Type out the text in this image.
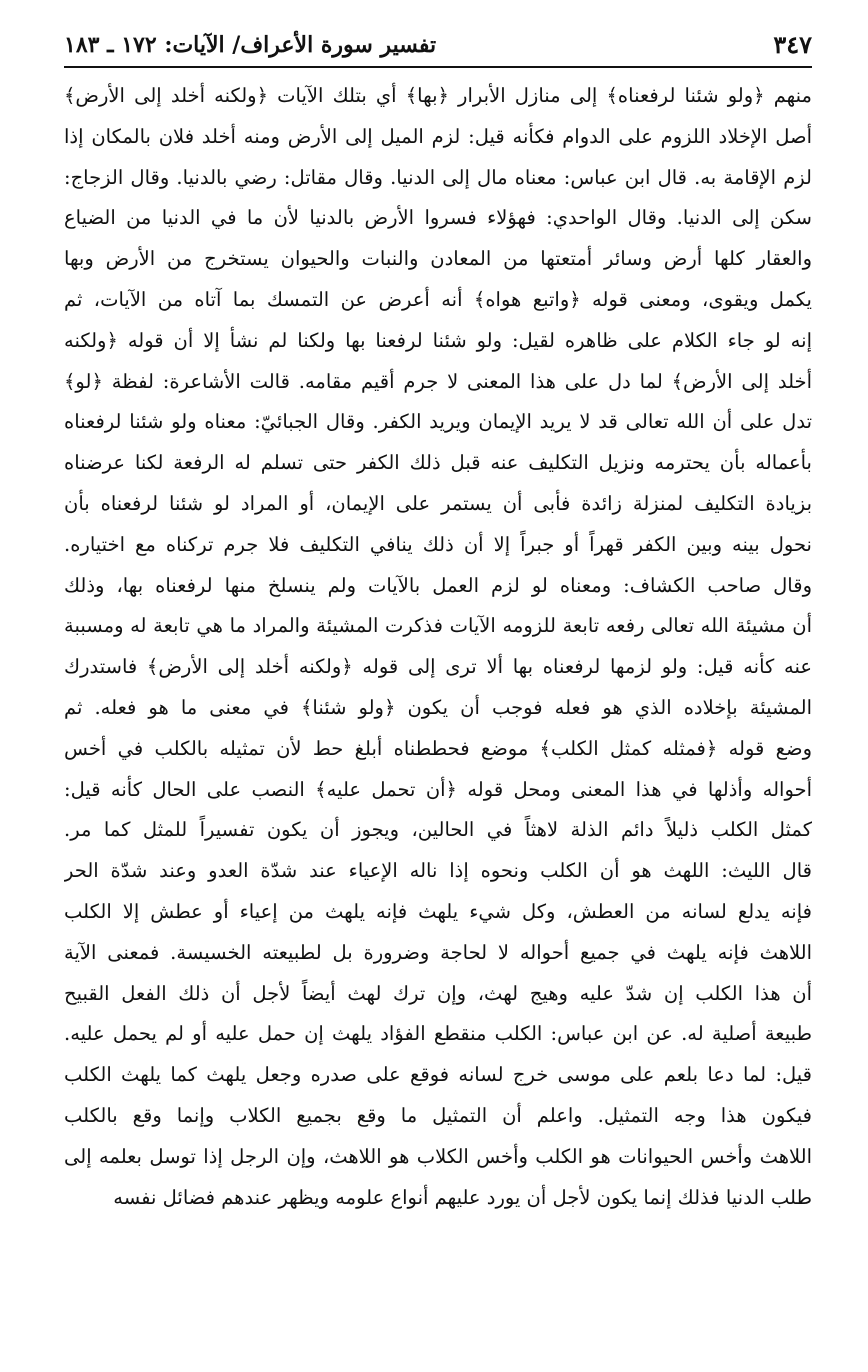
تفسير سورة الأعراف/ الآيات: ١٧٢ ـ ١٨٣	٣٤٧
منهم ﴿ولو شئنا لرفعناه﴾ إلى منازل الأبرار ﴿بها﴾ أي بتلك الآيات ﴿ولكنه أخلد إلى الأرض﴾
أصل الإخلاد اللزوم على الدوام فكأنه قيل: لزم الميل إلى الأرض ومنه أخلد فلان بالمكان إذا
لزم الإقامة به. قال ابن عباس: معناه مال إلى الدنيا. وقال مقاتل: رضي بالدنيا. وقال الزجاج:
سكن إلى الدنيا. وقال الواحدي: فهؤلاء فسروا الأرض بالدنيا لأن ما في الدنيا من الضياع
والعقار كلها أرض وسائر أمتعتها من المعادن والنبات والحيوان يستخرج من الأرض وبها
يكمل ويقوى، ومعنى قوله ﴿واتبع هواه﴾ أنه أعرض عن التمسك بما آتاه من الآيات، ثم
إنه لو جاء الكلام على ظاهره لقيل: ولو شئنا لرفعنا بها ولكنا لم نشأ إلا أن قوله ﴿ولكنه
أخلد إلى الأرض﴾ لما دل على هذا المعنى لا جرم أقيم مقامه. قالت الأشاعرة: لفظة ﴿لو﴾
تدل على أن الله تعالى قد لا يريد الإيمان ويريد الكفر. وقال الجبائيّ: معناه ولو شئنا لرفعناه
بأعماله بأن يحترمه ونزيل التكليف عنه قبل ذلك الكفر حتى تسلم له الرفعة لكنا عرضناه
بزيادة التكليف لمنزلة زائدة فأبى أن يستمر على الإيمان، أو المراد لو شئنا لرفعناه بأن
نحول بينه وبين الكفر قهراً أو جبراً إلا أن ذلك ينافي التكليف فلا جرم تركناه مع اختياره.
وقال صاحب الكشاف: ومعناه لو لزم العمل بالآيات ولم ينسلخ منها لرفعناه بها، وذلك
أن مشيئة الله تعالى رفعه تابعة للزومه الآيات فذكرت المشيئة والمراد ما هي تابعة له ومسببة
عنه كأنه قيل: ولو لزمها لرفعناه بها ألا ترى إلى قوله ﴿ولكنه أخلد إلى الأرض﴾ فاستدرك
المشيئة بإخلاده الذي هو فعله فوجب أن يكون ﴿ولو شئنا﴾ في معنى ما هو فعله. ثم
وضع قوله ﴿فمثله كمثل الكلب﴾ موضع فحططناه أبلغ حط لأن تمثيله بالكلب في أخس
أحواله وأذلها في هذا المعنى ومحل قوله ﴿أن تحمل عليه﴾ النصب على الحال كأنه قيل:
كمثل الكلب ذليلاً دائم الذلة لاهثاً في الحالين، ويجوز أن يكون تفسيراً للمثل كما مر.
قال الليث: اللهث هو أن الكلب ونحوه إذا ناله الإعياء عند شدّة العدو وعند شدّة الحر
فإنه يدلع لسانه من العطش، وكل شيء يلهث فإنه يلهث من إعياء أو عطش إلا الكلب
اللاهث فإنه يلهث في جميع أحواله لا لحاجة وضرورة بل لطبيعته الخسيسة. فمعنى الآية
أن هذا الكلب إن شدّ عليه وهيج لهث، وإن ترك لهث أيضاً لأجل أن ذلك الفعل القبيح
طبيعة أصلية له. عن ابن عباس: الكلب منقطع الفؤاد يلهث إن حمل عليه أو لم يحمل عليه.
قيل: لما دعا بلعم على موسى خرج لسانه فوقع على صدره وجعل يلهث كما يلهث الكلب
فيكون هذا وجه التمثيل. واعلم أن التمثيل ما وقع بجميع الكلاب وإنما وقع بالكلب
اللاهث وأخس الحيوانات هو الكلب وأخس الكلاب هو اللاهث، وإن الرجل إذا توسل بعلمه إلى
طلب الدنيا فذلك إنما يكون لأجل أن يورد عليهم أنواع علومه ويظهر عندهم فضائل نفسه
